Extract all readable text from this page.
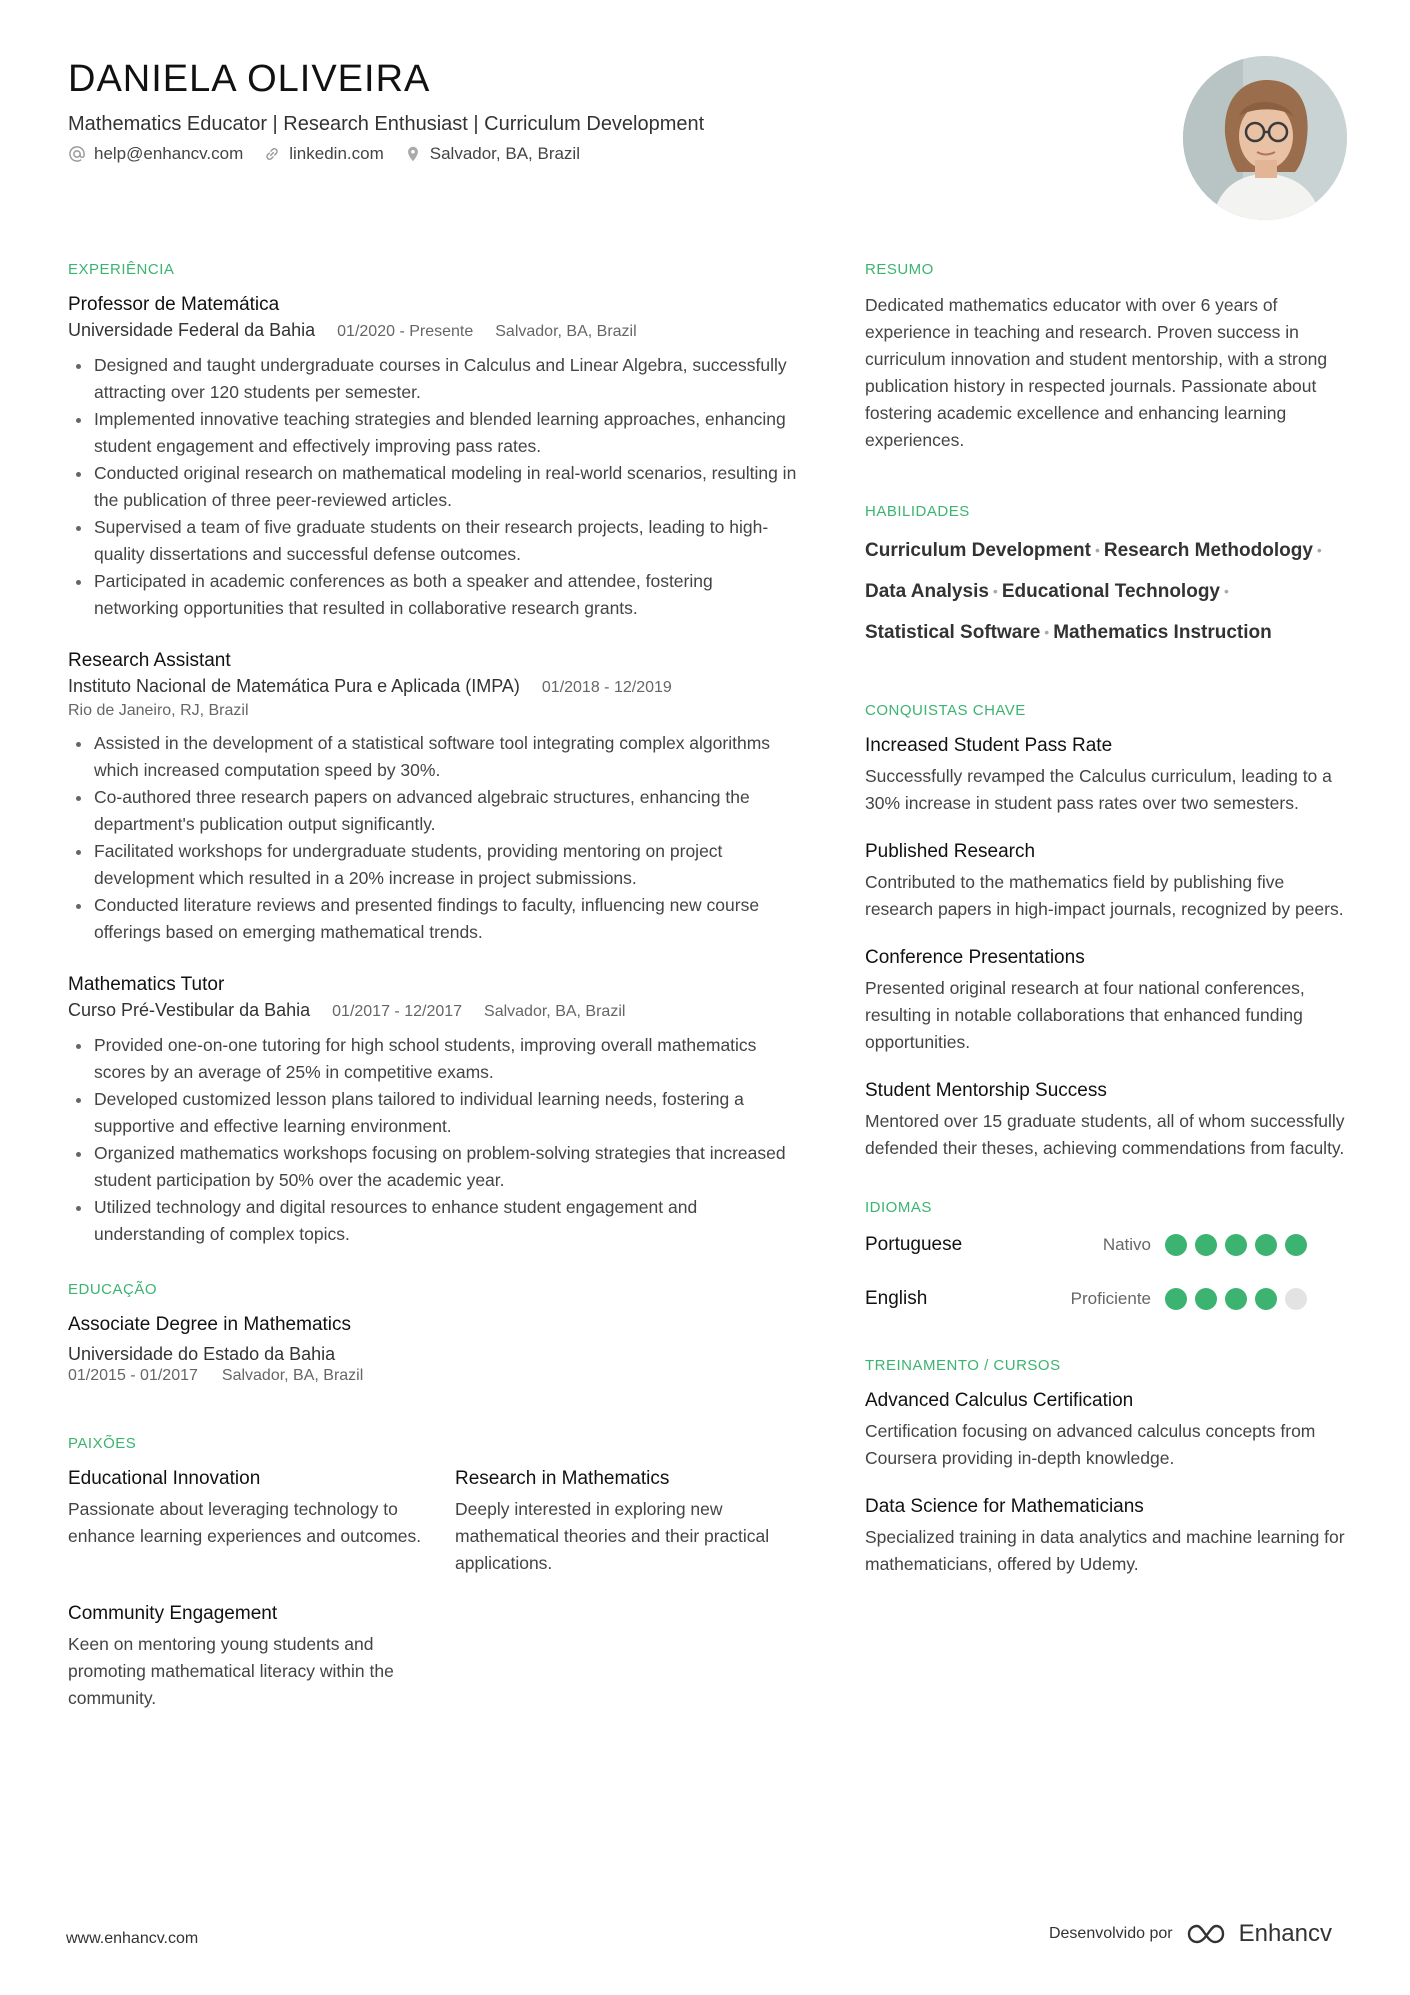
DANIELA OLIVEIRA
Mathematics Educator | Research Enthusiast | Curriculum Development
help@enhancv.com	linkedin.com	Salvador, BA, Brazil
EXPERIÊNCIA
Professor de Matemática
Universidade Federal da Bahia 01/2020 - Presente Salvador, BA, Brazil
Designed and taught undergraduate courses in Calculus and Linear Algebra, successfully attracting over 120 students per semester.
Implemented innovative teaching strategies and blended learning approaches, enhancing student engagement and effectively improving pass rates.
Conducted original research on mathematical modeling in real-world scenarios, resulting in the publication of three peer-reviewed articles.
Supervised a team of five graduate students on their research projects, leading to high-quality dissertations and successful defense outcomes.
Participated in academic conferences as both a speaker and attendee, fostering networking opportunities that resulted in collaborative research grants.
Research Assistant
Instituto Nacional de Matemática Pura e Aplicada (IMPA) 01/2018 - 12/2019
Rio de Janeiro, RJ, Brazil
Assisted in the development of a statistical software tool integrating complex algorithms which increased computation speed by 30%.
Co-authored three research papers on advanced algebraic structures, enhancing the department's publication output significantly.
Facilitated workshops for undergraduate students, providing mentoring on project development which resulted in a 20% increase in project submissions.
Conducted literature reviews and presented findings to faculty, influencing new course offerings based on emerging mathematical trends.
Mathematics Tutor
Curso Pré-Vestibular da Bahia 01/2017 - 12/2017 Salvador, BA, Brazil
Provided one-on-one tutoring for high school students, improving overall mathematics scores by an average of 25% in competitive exams.
Developed customized lesson plans tailored to individual learning needs, fostering a supportive and effective learning environment.
Organized mathematics workshops focusing on problem-solving strategies that increased student participation by 50% over the academic year.
Utilized technology and digital resources to enhance student engagement and understanding of complex topics.
EDUCAÇÃO
Associate Degree in Mathematics
Universidade do Estado da Bahia
01/2015 - 01/2017 Salvador, BA, Brazil
PAIXÕES
Educational Innovation
Passionate about leveraging technology to enhance learning experiences and outcomes.
Research in Mathematics
Deeply interested in exploring new mathematical theories and their practical applications.
Community Engagement
Keen on mentoring young students and promoting mathematical literacy within the community.
RESUMO
Dedicated mathematics educator with over 6 years of experience in teaching and research. Proven success in curriculum innovation and student mentorship, with a strong publication history in respected journals. Passionate about fostering academic excellence and enhancing learning experiences.
HABILIDADES
Curriculum Development • Research Methodology •
Data Analysis • Educational Technology •
Statistical Software • Mathematics Instruction
CONQUISTAS CHAVE
Increased Student Pass Rate
Successfully revamped the Calculus curriculum, leading to a 30% increase in student pass rates over two semesters.
Published Research
Contributed to the mathematics field by publishing five research papers in high-impact journals, recognized by peers.
Conference Presentations
Presented original research at four national conferences, resulting in notable collaborations that enhanced funding opportunities.
Student Mentorship Success
Mentored over 15 graduate students, all of whom successfully defended their theses, achieving commendations from faculty.
IDIOMAS
Portuguese	Nativo
English	Proficiente
TREINAMENTO / CURSOS
Advanced Calculus Certification
Certification focusing on advanced calculus concepts from Coursera providing in-depth knowledge.
Data Science for Mathematicians
Specialized training in data analytics and machine learning for mathematicians, offered by Udemy.
www.enhancv.com	Desenvolvido por	Enhancv
